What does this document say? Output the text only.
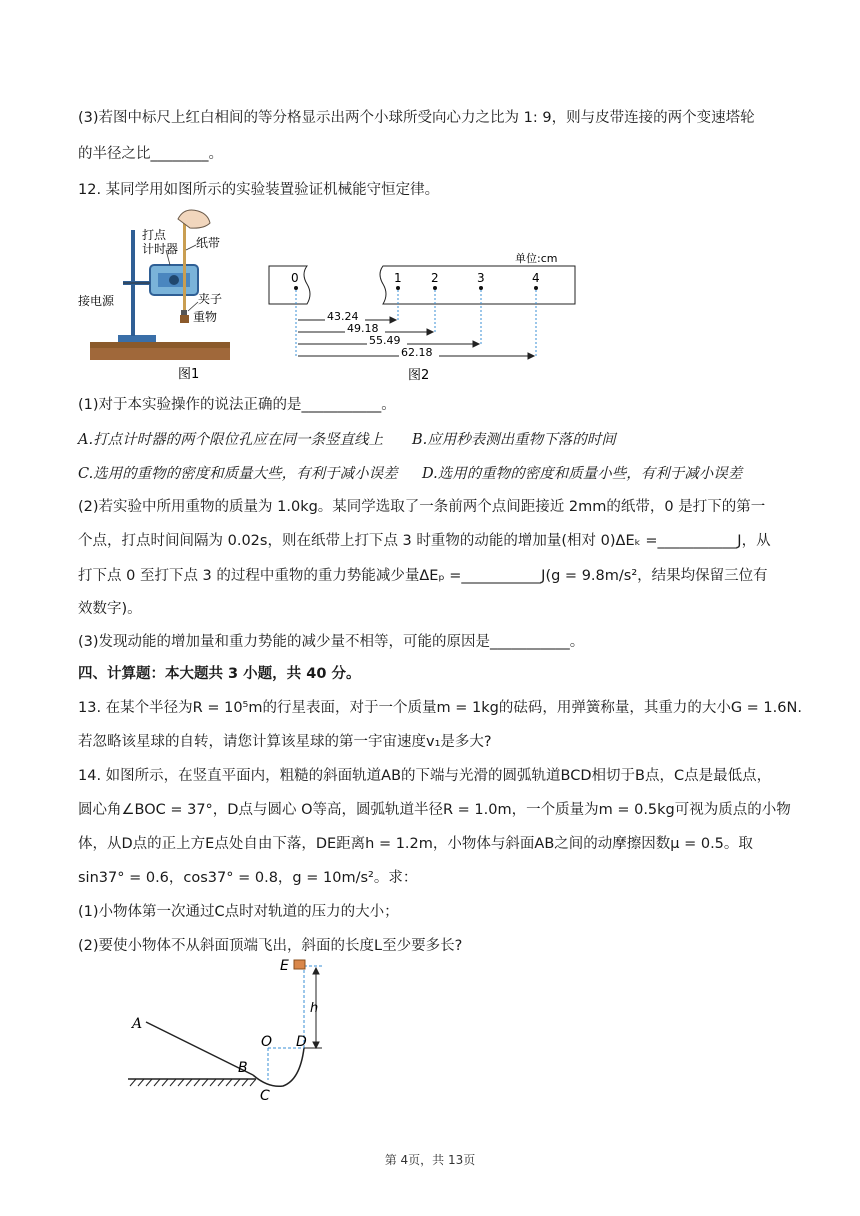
(3)若图中标尺上红白相间的等分格显示出两个小球所受向心力之比为 1: 9，则与皮带连接的两个变速塔轮
的半径之比________。
12. 某同学用如图所示的实验装置验证机械能守恒定律。
打点
计时器 纸带
接电源	夹子
重物
图1
0	1 2	3	4
单位:cm
43.24
49.18
55.49
62.18
图2
(1)对于本实验操作的说法正确的是___________。
A.打点计时器的两个限位孔应在同一条竖直线上 B.应用秒表测出重物下落的时间
C.选用的重物的密度和质量大些，有利于减小误差 D.选用的重物的密度和质量小些，有利于减小误差
(2)若实验中所用重物的质量为 1.0kg。某同学选取了一条前两个点间距接近 2mm的纸带，0 是打下的第一
个点，打点时间间隔为 0.02s，则在纸带上打下点 3 时重物的动能的增加量(相对 0)ΔEₖ =___________J，从
打下点 0 至打下点 3 的过程中重物的重力势能减少量ΔEₚ =___________J(g = 9.8m/s²，结果均保留三位有
效数字)。
(3)发现动能的增加量和重力势能的减少量不相等，可能的原因是___________。
四、计算题：本大题共 3 小题，共 40 分。
13. 在某个半径为R = 10⁵m的行星表面，对于一个质量m = 1kg的砝码，用弹簧称量，其重力的大小G = 1.6N.
若忽略该星球的自转，请您计算该星球的第一宇宙速度v₁是多大?
14. 如图所示，在竖直平面内，粗糙的斜面轨道AB的下端与光滑的圆弧轨道BCD相切于B点，C点是最低点，
圆心角∠BOC = 37°，D点与圆心 O等高，圆弧轨道半径R = 1.0m，一个质量为m = 0.5kg可视为质点的小物
体，从D点的正上方E点处自由下落，DE距离h = 1.2m，小物体与斜面AB之间的动摩擦因数μ = 0.5。取
sin37° = 0.6，cos37° = 0.8，g = 10m/s²。求：
(1)小物体第一次通过C点时对轨道的压力的大小；
(2)要使小物体不从斜面顶端飞出，斜面的长度L至少要多长?
A
B
C
O D
E
h
第 4页，共 13页
